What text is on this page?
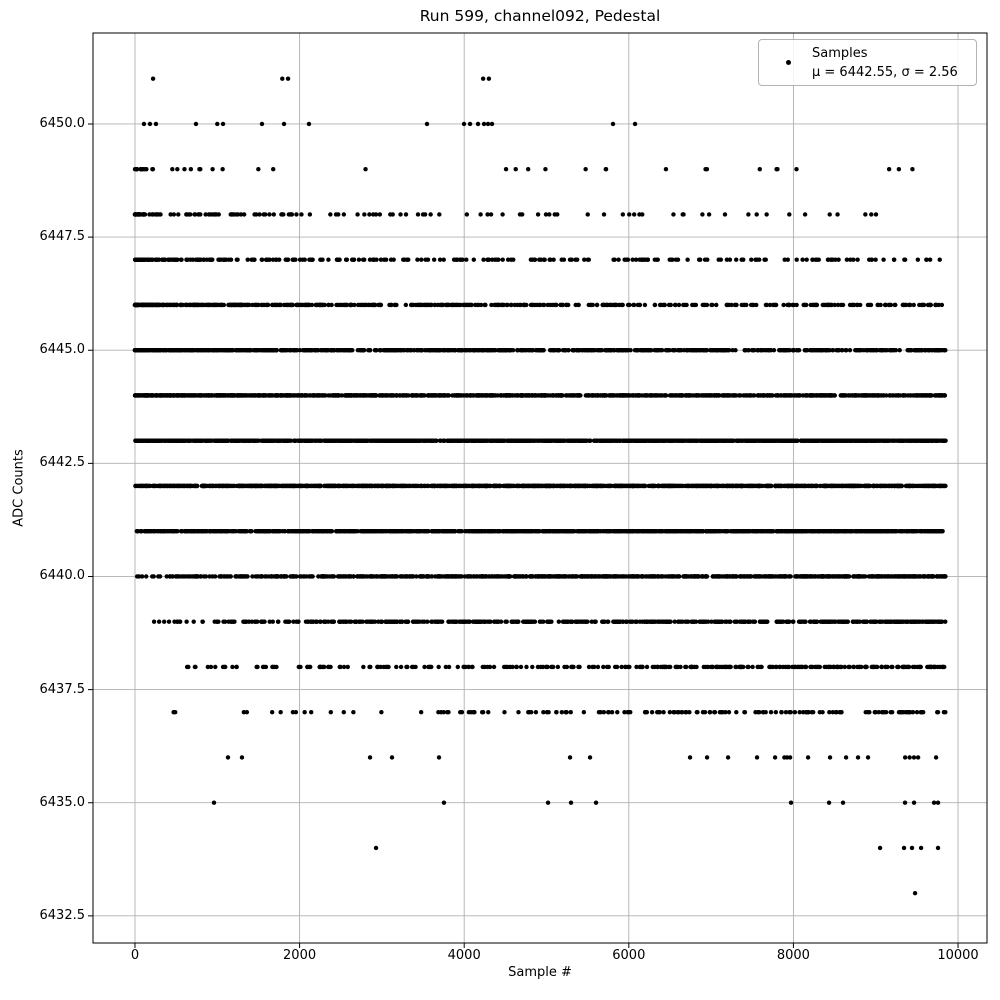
Run 599, channel092, Pedestal
6432.5
6435.0
6437.5
6440.0
6442.5
6445.0
6447.5
6450.0
0	2000	4000	6000	8000	10000
Sample #
ADC Counts
Samples
μ = 6442.55, σ = 2.56
